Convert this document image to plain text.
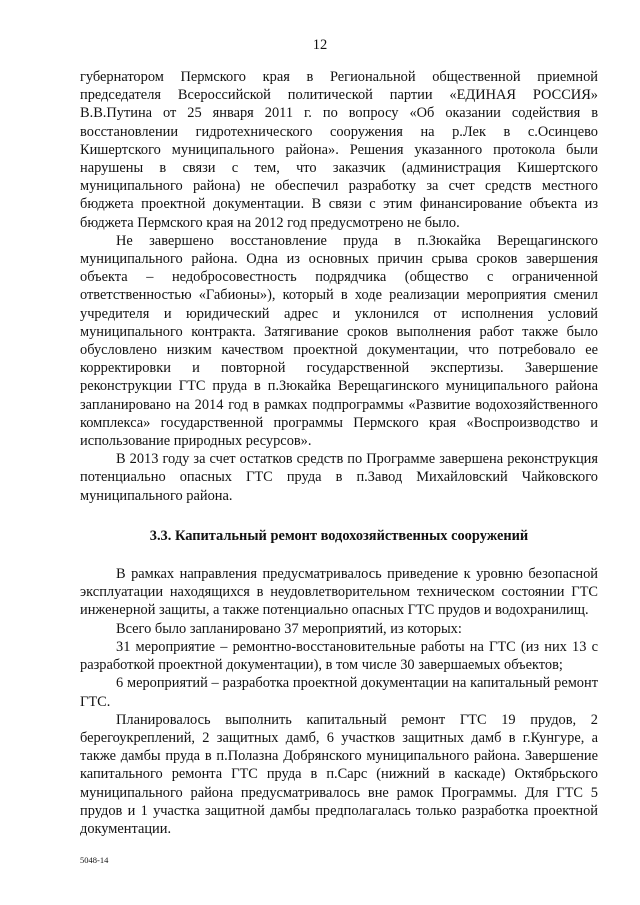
12

губернатором Пермского края в Региональной общественной приемной председателя Всероссийской политической партии «ЕДИНАЯ РОССИЯ» В.В.Путина от 25 января 2011 г. по вопросу «Об оказании содействия в восстановлении гидротехнического сооружения на р.Лек в с.Осинцево Кишертского муниципального района». Решения указанного протокола были нарушены в связи с тем, что заказчик (администрация Кишертского муниципального района) не обеспечил разработку за счет средств местного бюджета проектной документации. В связи с этим финансирование объекта из бюджета Пермского края на 2012 год предусмотрено не было.

Не завершено восстановление пруда в п.Зюкайка Верещагинского муниципального района. Одна из основных причин срыва сроков завершения объекта – недобросовестность подрядчика (общество с ограниченной ответственностью «Габионы»), который в ходе реализации мероприятия сменил учредителя и юридический адрес и уклонился от исполнения условий муниципального контракта. Затягивание сроков выполнения работ также было обусловлено низким качеством проектной документации, что потребовало ее корректировки и повторной государственной экспертизы. Завершение реконструкции ГТС пруда в п.Зюкайка Верещагинского муниципального района запланировано на 2014 год в рамках подпрограммы «Развитие водохозяйственного комплекса» государственной программы Пермского края «Воспроизводство и использование природных ресурсов».

В 2013 году за счет остатков средств по Программе завершена реконструкция потенциально опасных ГТС пруда в п.Завод Михайловский Чайковского муниципального района.

3.3. Капитальный ремонт водохозяйственных сооружений

В рамках направления предусматривалось приведение к уровню безопасной эксплуатации находящихся в неудовлетворительном техническом состоянии ГТС инженерной защиты, а также потенциально опасных ГТС прудов и водохранилищ.

Всего было запланировано 37 мероприятий, из которых:

31 мероприятие – ремонтно-восстановительные работы на ГТС (из них 13 с разработкой проектной документации), в том числе 30 завершаемых объектов;

6 мероприятий – разработка проектной документации на капитальный ремонт ГТС.

Планировалось выполнить капитальный ремонт ГТС 19 прудов, 2 берегоукреплений, 2 защитных дамб, 6 участков защитных дамб в г.Кунгуре, а также дамбы пруда в п.Полазна Добрянского муниципального района. Завершение капитального ремонта ГТС пруда в п.Сарс (нижний в каскаде) Октябрьского муниципального района предусматривалось вне рамок Программы. Для ГТС 5 прудов и 1 участка защитной дамбы предполагалась только разработка проектной документации.

5048-14
